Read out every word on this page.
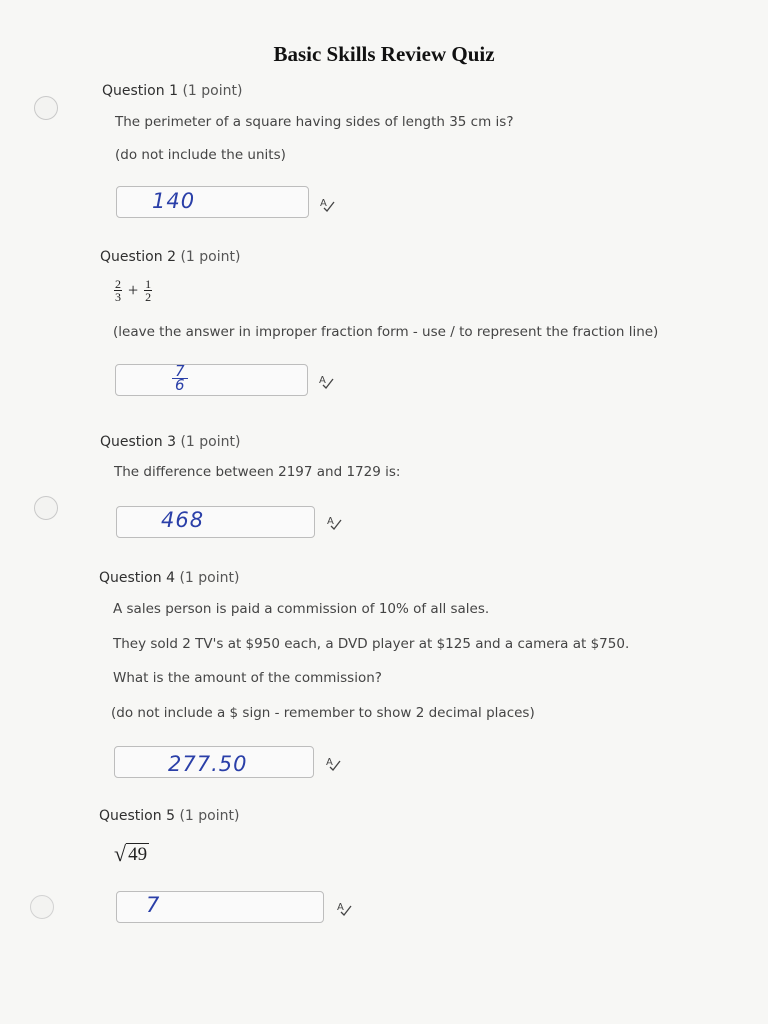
Basic Skills Review Quiz
Question 1 (1 point)
The perimeter of a square having sides of length 35 cm is?
(do not include the units)
140	A
Question 2 (1 point)
$\frac{2}{3} + \frac{1}{2}$
(leave the answer in improper fraction form - use / to represent the fraction line)
$\frac{7}{6}$	A
Question 3 (1 point)
The difference between 2197 and 1729 is:
468	A
Question 4 (1 point)
A sales person is paid a commission of 10% of all sales.
They sold 2 TV's at $950 each, a DVD player at $125 and a camera at $750.
What is the amount of the commission?
(do not include a $ sign - remember to show 2 decimal places)
277.50	A
Question 5 (1 point)
√ 49
7	A
